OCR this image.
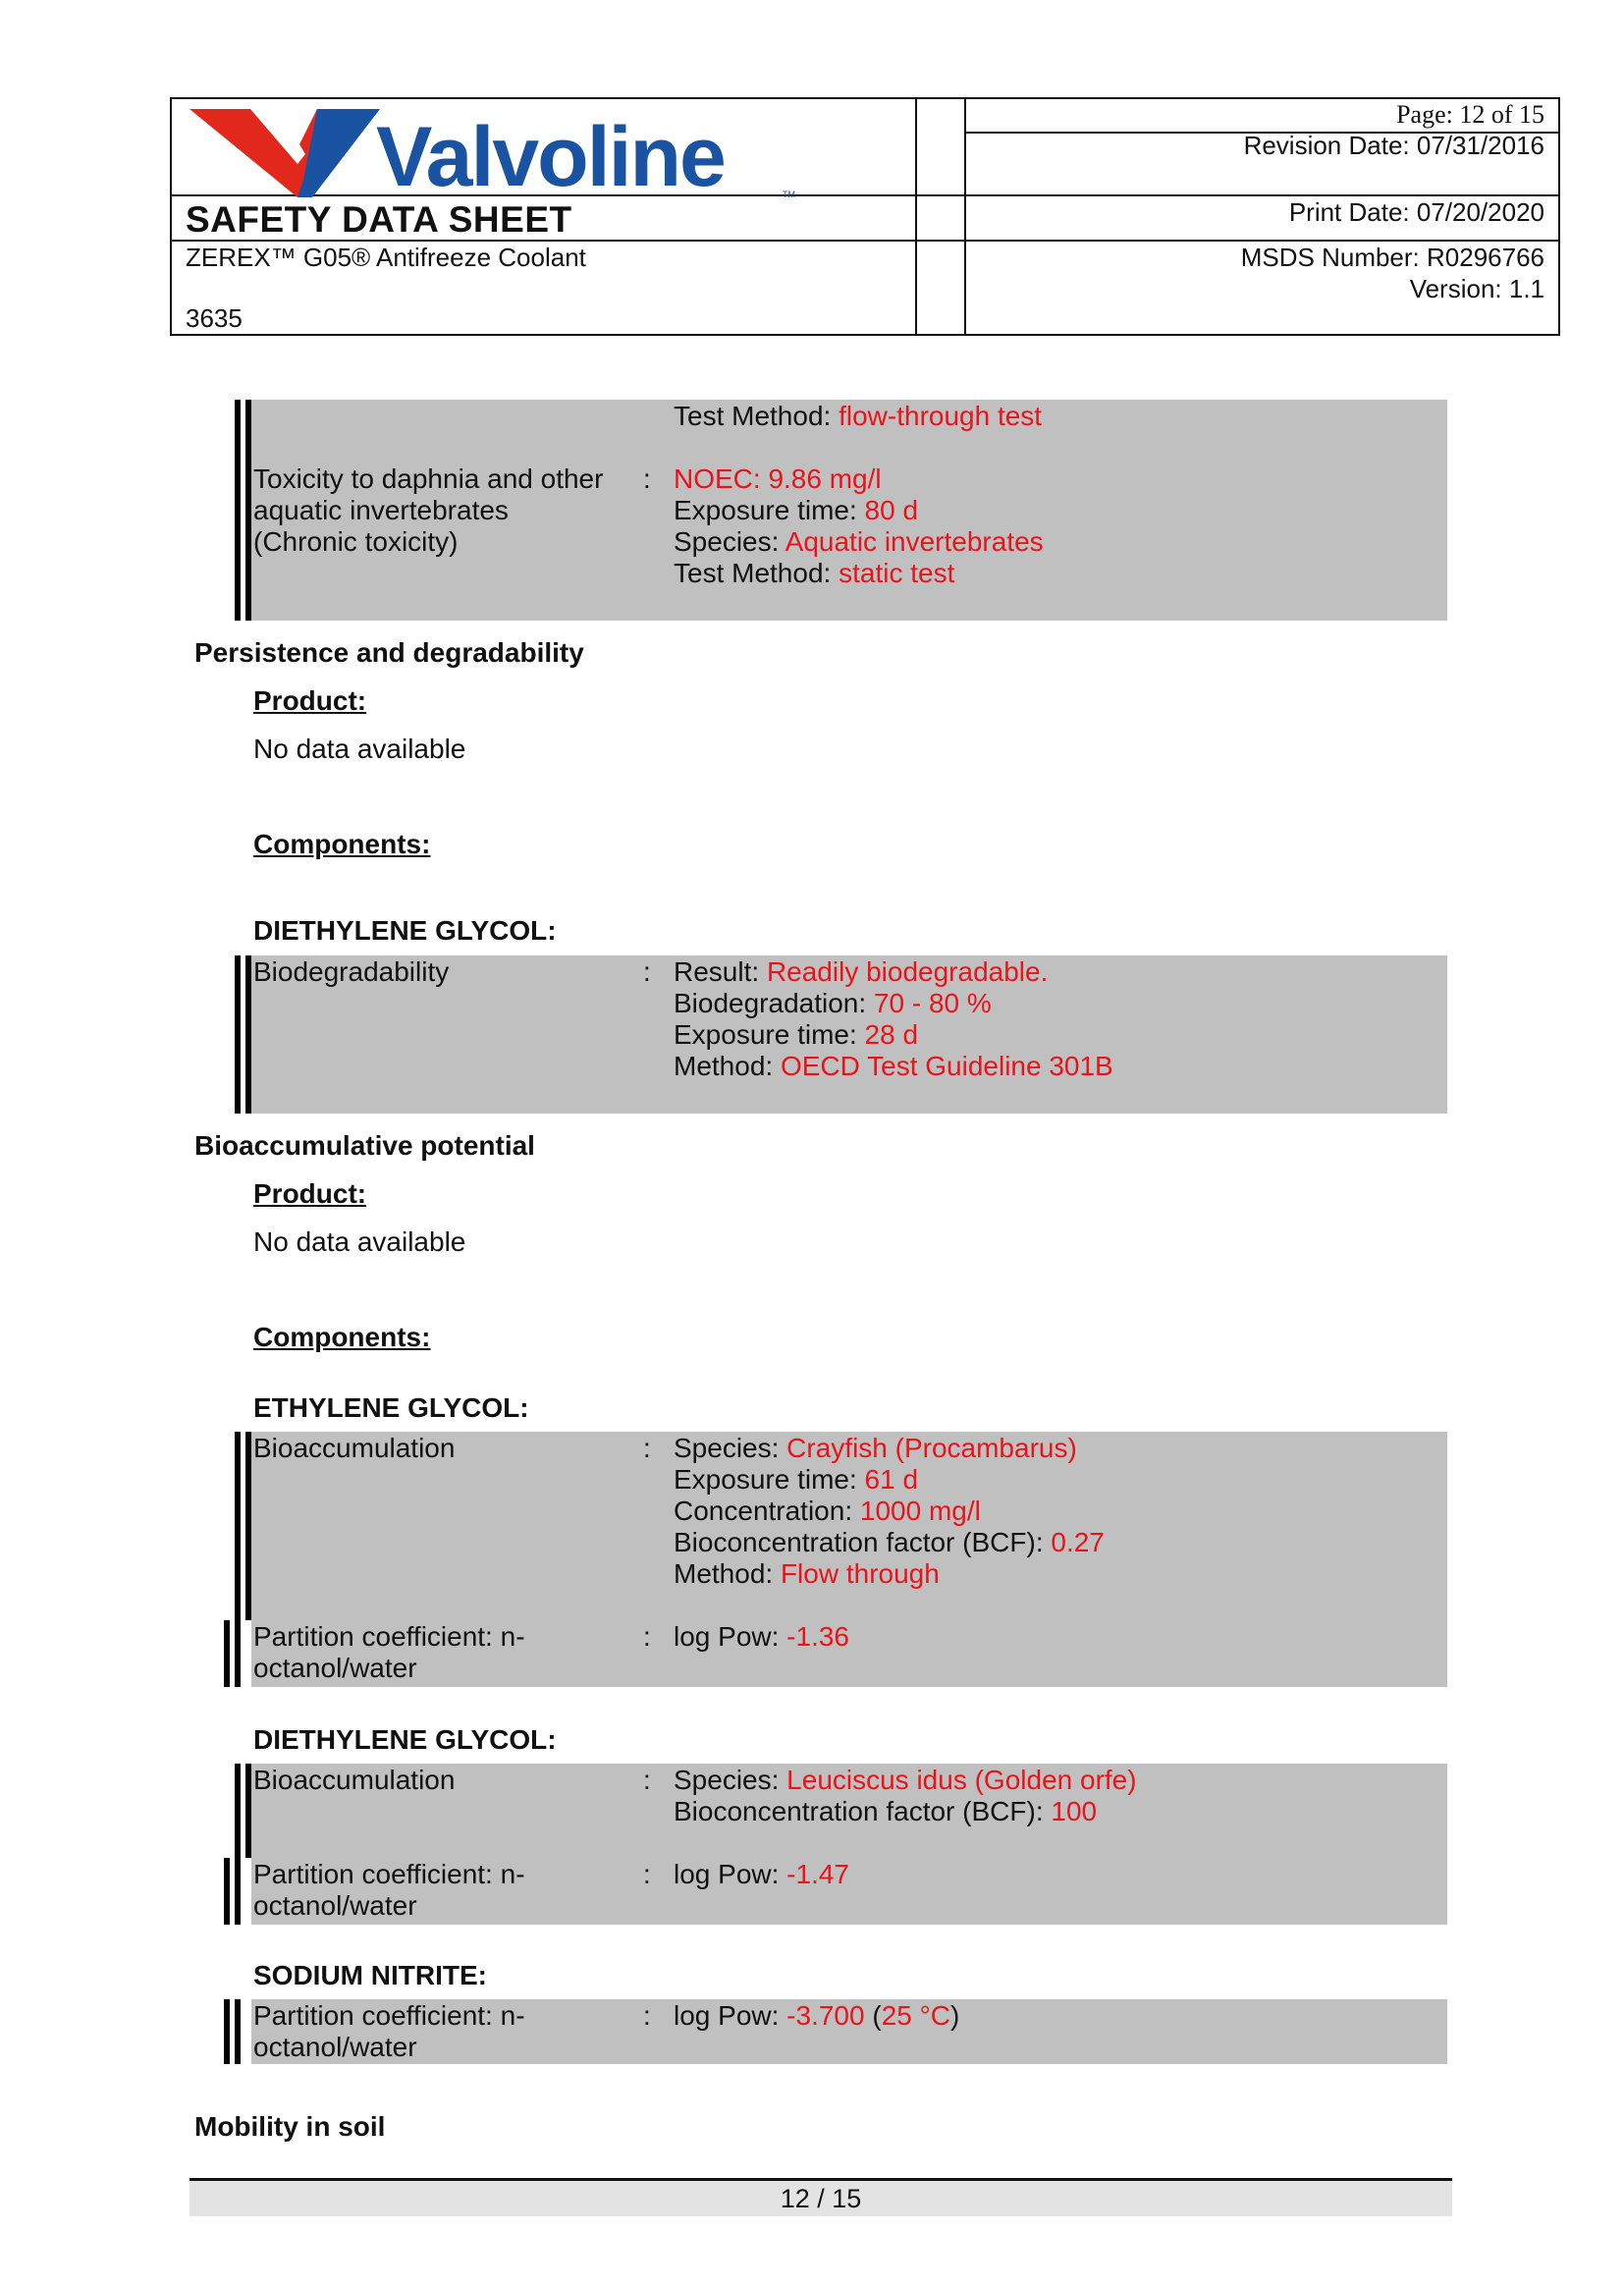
Valvoline	TM
SAFETY DATA SHEET
ZEREX™ G05® Antifreeze Coolant
3635
Page: 12 of 15
Revision Date: 07/31/2016
Print Date: 07/20/2020
MSDS Number: R0296766
Version: 1.1
Test Method: flow-through test
Toxicity to daphnia and other
aquatic invertebrates
(Chronic toxicity)
: NOEC: 9.86 mg/l
Exposure time: 80 d
Species: Aquatic invertebrates
Test Method: static test
Persistence and degradability
Product:
No data available
Components:
DIETHYLENE GLYCOL:
Biodegradability	: Result: Readily biodegradable.
Biodegradation: 70 - 80 %
Exposure time: 28 d
Method: OECD Test Guideline 301B
Bioaccumulative potential
Product:
No data available
Components:
ETHYLENE GLYCOL:
Bioaccumulation	: Species: Crayfish (Procambarus)
Exposure time: 61 d
Concentration: 1000 mg/l
Bioconcentration factor (BCF): 0.27
Method: Flow through
Partition coefficient: n-
octanol/water
: log Pow: -1.36
DIETHYLENE GLYCOL:
Bioaccumulation	: Species: Leuciscus idus (Golden orfe)
Bioconcentration factor (BCF): 100
Partition coefficient: n-
octanol/water
: log Pow: -1.47
SODIUM NITRITE:
Partition coefficient: n-
octanol/water
: log Pow: -3.700 (25 °C)
Mobility in soil
12 / 15
